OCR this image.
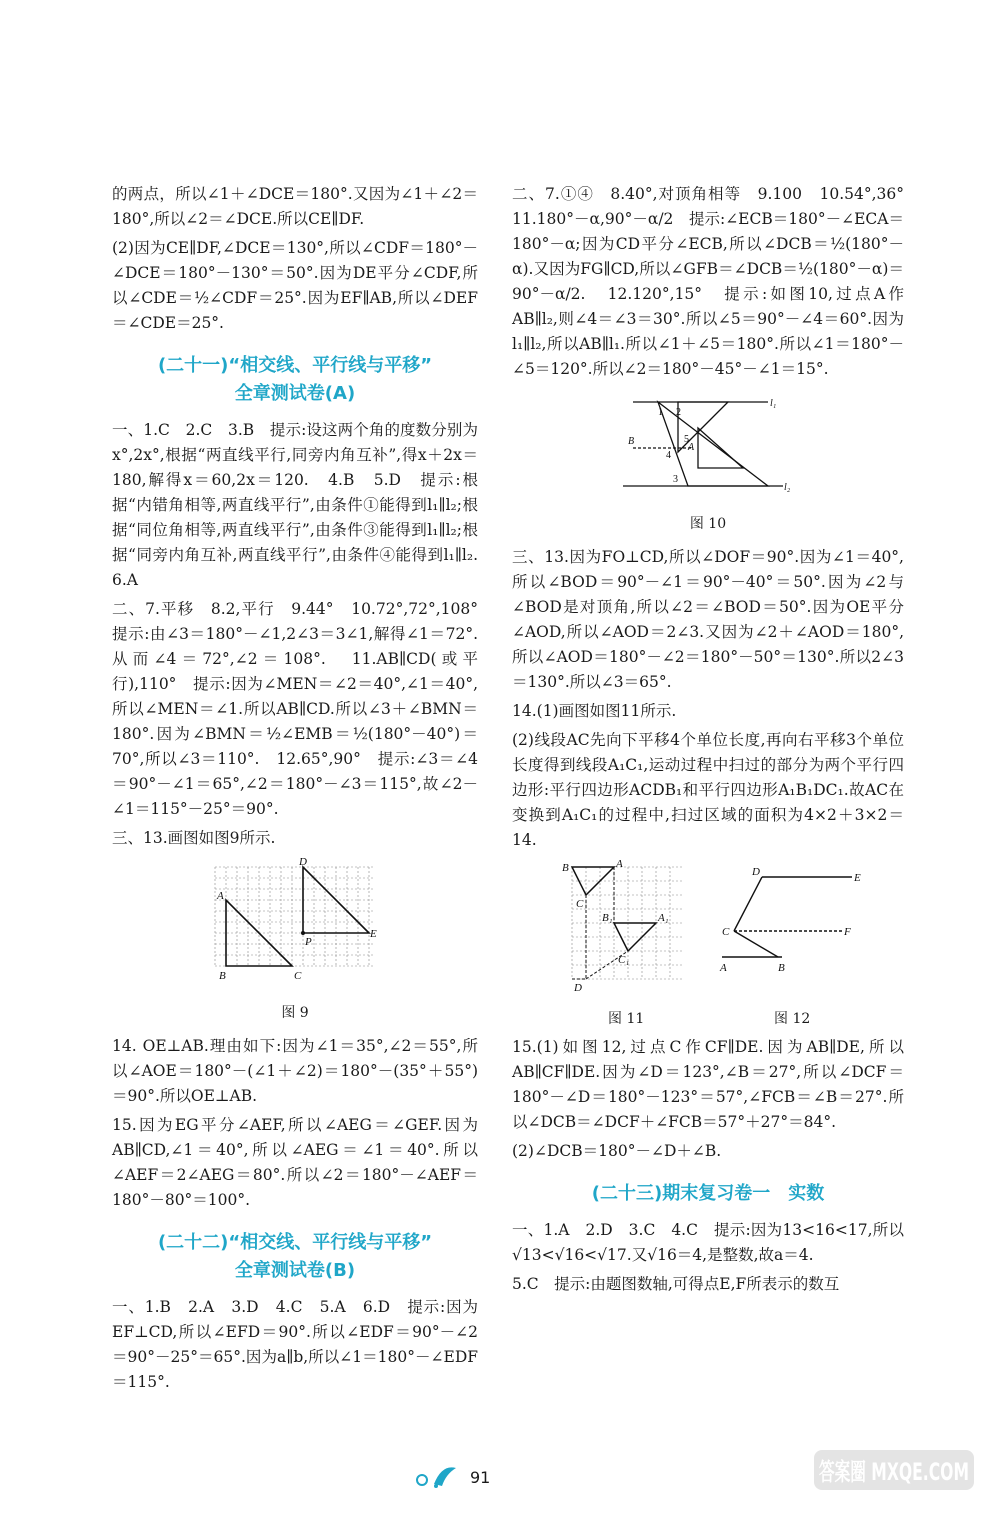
的两点，所以∠1＋∠DCE＝180°.又因为∠1＋∠2＝180°,所以∠2＝∠DCE.所以CE∥DF.

(2)因为CE∥DF,∠DCE＝130°,所以∠CDF＝180°－∠DCE＝180°－130°＝50°.因为DE平分∠CDF,所以∠CDE＝½∠CDF＝25°.因为EF∥AB,所以∠DEF＝∠CDE＝25°.

(二十一)“相交线、平行线与平移”
全章测试卷(A)

一、1.C　2.C　3.B　提示:设这两个角的度数分别为x°,2x°,根据“两直线平行,同旁内角互补”,得x＋2x＝180,解得x＝60,2x＝120.　4.B　5.D　提示:根据“内错角相等,两直线平行”,由条件①能得到l₁∥l₂;根据“同位角相等,两直线平行”,由条件③能得到l₁∥l₂;根据“同旁内角互补,两直线平行”,由条件④能得到l₁∥l₂.　6.A

二、7.平移　8.2,平行　9.44°　10.72°,72°,108°　提示:由∠3＝180°－∠1,2∠3＝3∠1,解得∠1＝72°.从而∠4＝72°,∠2＝108°.　11.AB∥CD(或平行),110°　提示:因为∠MEN＝∠2＝40°,∠1＝40°,所以∠MEN＝∠1.所以AB∥CD.所以∠3＋∠BMN＝180°.因为∠BMN＝½∠EMB＝½(180°－40°)＝70°,所以∠3＝110°.　12.65°,90°　提示:∠3＝∠4＝90°－∠1＝65°,∠2＝180°－∠3＝115°,故∠2－∠1＝115°－25°＝90°.

三、13.画图如图9所示.

A
B	C
D
E
P
图 9

14. OE⊥AB.理由如下:因为∠1＝35°,∠2＝55°,所以∠AOE＝180°－(∠1＋∠2)＝180°－(35°＋55°)＝90°.所以OE⊥AB.

15.因为EG平分∠AEF,所以∠AEG＝∠GEF.因为AB∥CD,∠1＝40°,所以∠AEG＝∠1＝40°.所以∠AEF＝2∠AEG＝80°.所以∠2＝180°－∠AEF＝180°－80°＝100°.

(二十二)“相交线、平行线与平移”
全章测试卷(B)

一、1.B　2.A　3.D　4.C　5.A　6.D　提示:因为EF⊥CD,所以∠EFD＝90°.所以∠EDF＝90°－∠2＝90°－25°＝65°.因为a∥b,所以∠1＝180°－∠EDF＝115°.

二、7.①④　8.40°,对顶角相等　9.100　10.54°,36°　11.180°－α,90°－α/2　提示:∠ECB＝180°－∠ECA＝180°－α;因为CD平分∠ECB,所以∠DCB＝½(180°－α).又因为FG∥CD,所以∠GFB＝∠DCB＝½(180°－α)＝90°－α/2.　12.120°,15°　提示:如图10,过点A作AB∥l₂,则∠4＝∠3＝30°.所以∠5＝90°－∠4＝60°.因为l₁∥l₂,所以AB∥l₁.所以∠1＋∠5＝180°.所以∠1＝180°－∠5＝120°.所以∠2＝180°－45°－∠1＝15°.

1 2
A
B
4
3
5
l₁
l₂
图 10

三、13.因为FO⊥CD,所以∠DOF＝90°.因为∠1＝40°,所以∠BOD＝90°－∠1＝90°－40°＝50°.因为∠2与∠BOD是对顶角,所以∠2＝∠BOD＝50°.因为OE平分∠AOD,所以∠AOD＝2∠3.又因为∠2＋∠AOD＝180°,所以∠AOD＝180°－∠2＝180°－50°＝130°.所以2∠3＝130°.所以∠3＝65°.

14.(1)画图如图11所示.

(2)线段AC先向下平移4个单位长度,再向右平移3个单位长度得到线段A₁C₁,运动过程中扫过的部分为两个平行四边形:平行四边形ACDB₁和平行四边形A₁B₁DC₁.故AC在变换到A₁C₁的过程中,扫过区域的面积为4×2＋3×2＝14.

B	A
C
B₁	A₁
C₁
D
D	E
C	F
A	B
图 11	图 12

15.(1)如图12,过点C作CF∥DE.因为AB∥DE,所以AB∥CF∥DE.因为∠D＝123°,∠B＝27°,所以∠DCF＝180°－∠D＝180°－123°＝57°,∠FCB＝∠B＝27°.所以∠DCB＝∠DCF＋∠FCB＝57°＋27°＝84°.

(2)∠DCB＝180°－∠D＋∠B.

(二十三)期末复习卷一　实数

一、1.A　2.D　3.C　4.C　提示:因为13<16<17,所以√13<√16<√17.又√16＝4,是整数,故a＝4.

5.C　提示:由题图数轴,可得点E,F所表示的数互

91	答案圈 MXQE.COM
